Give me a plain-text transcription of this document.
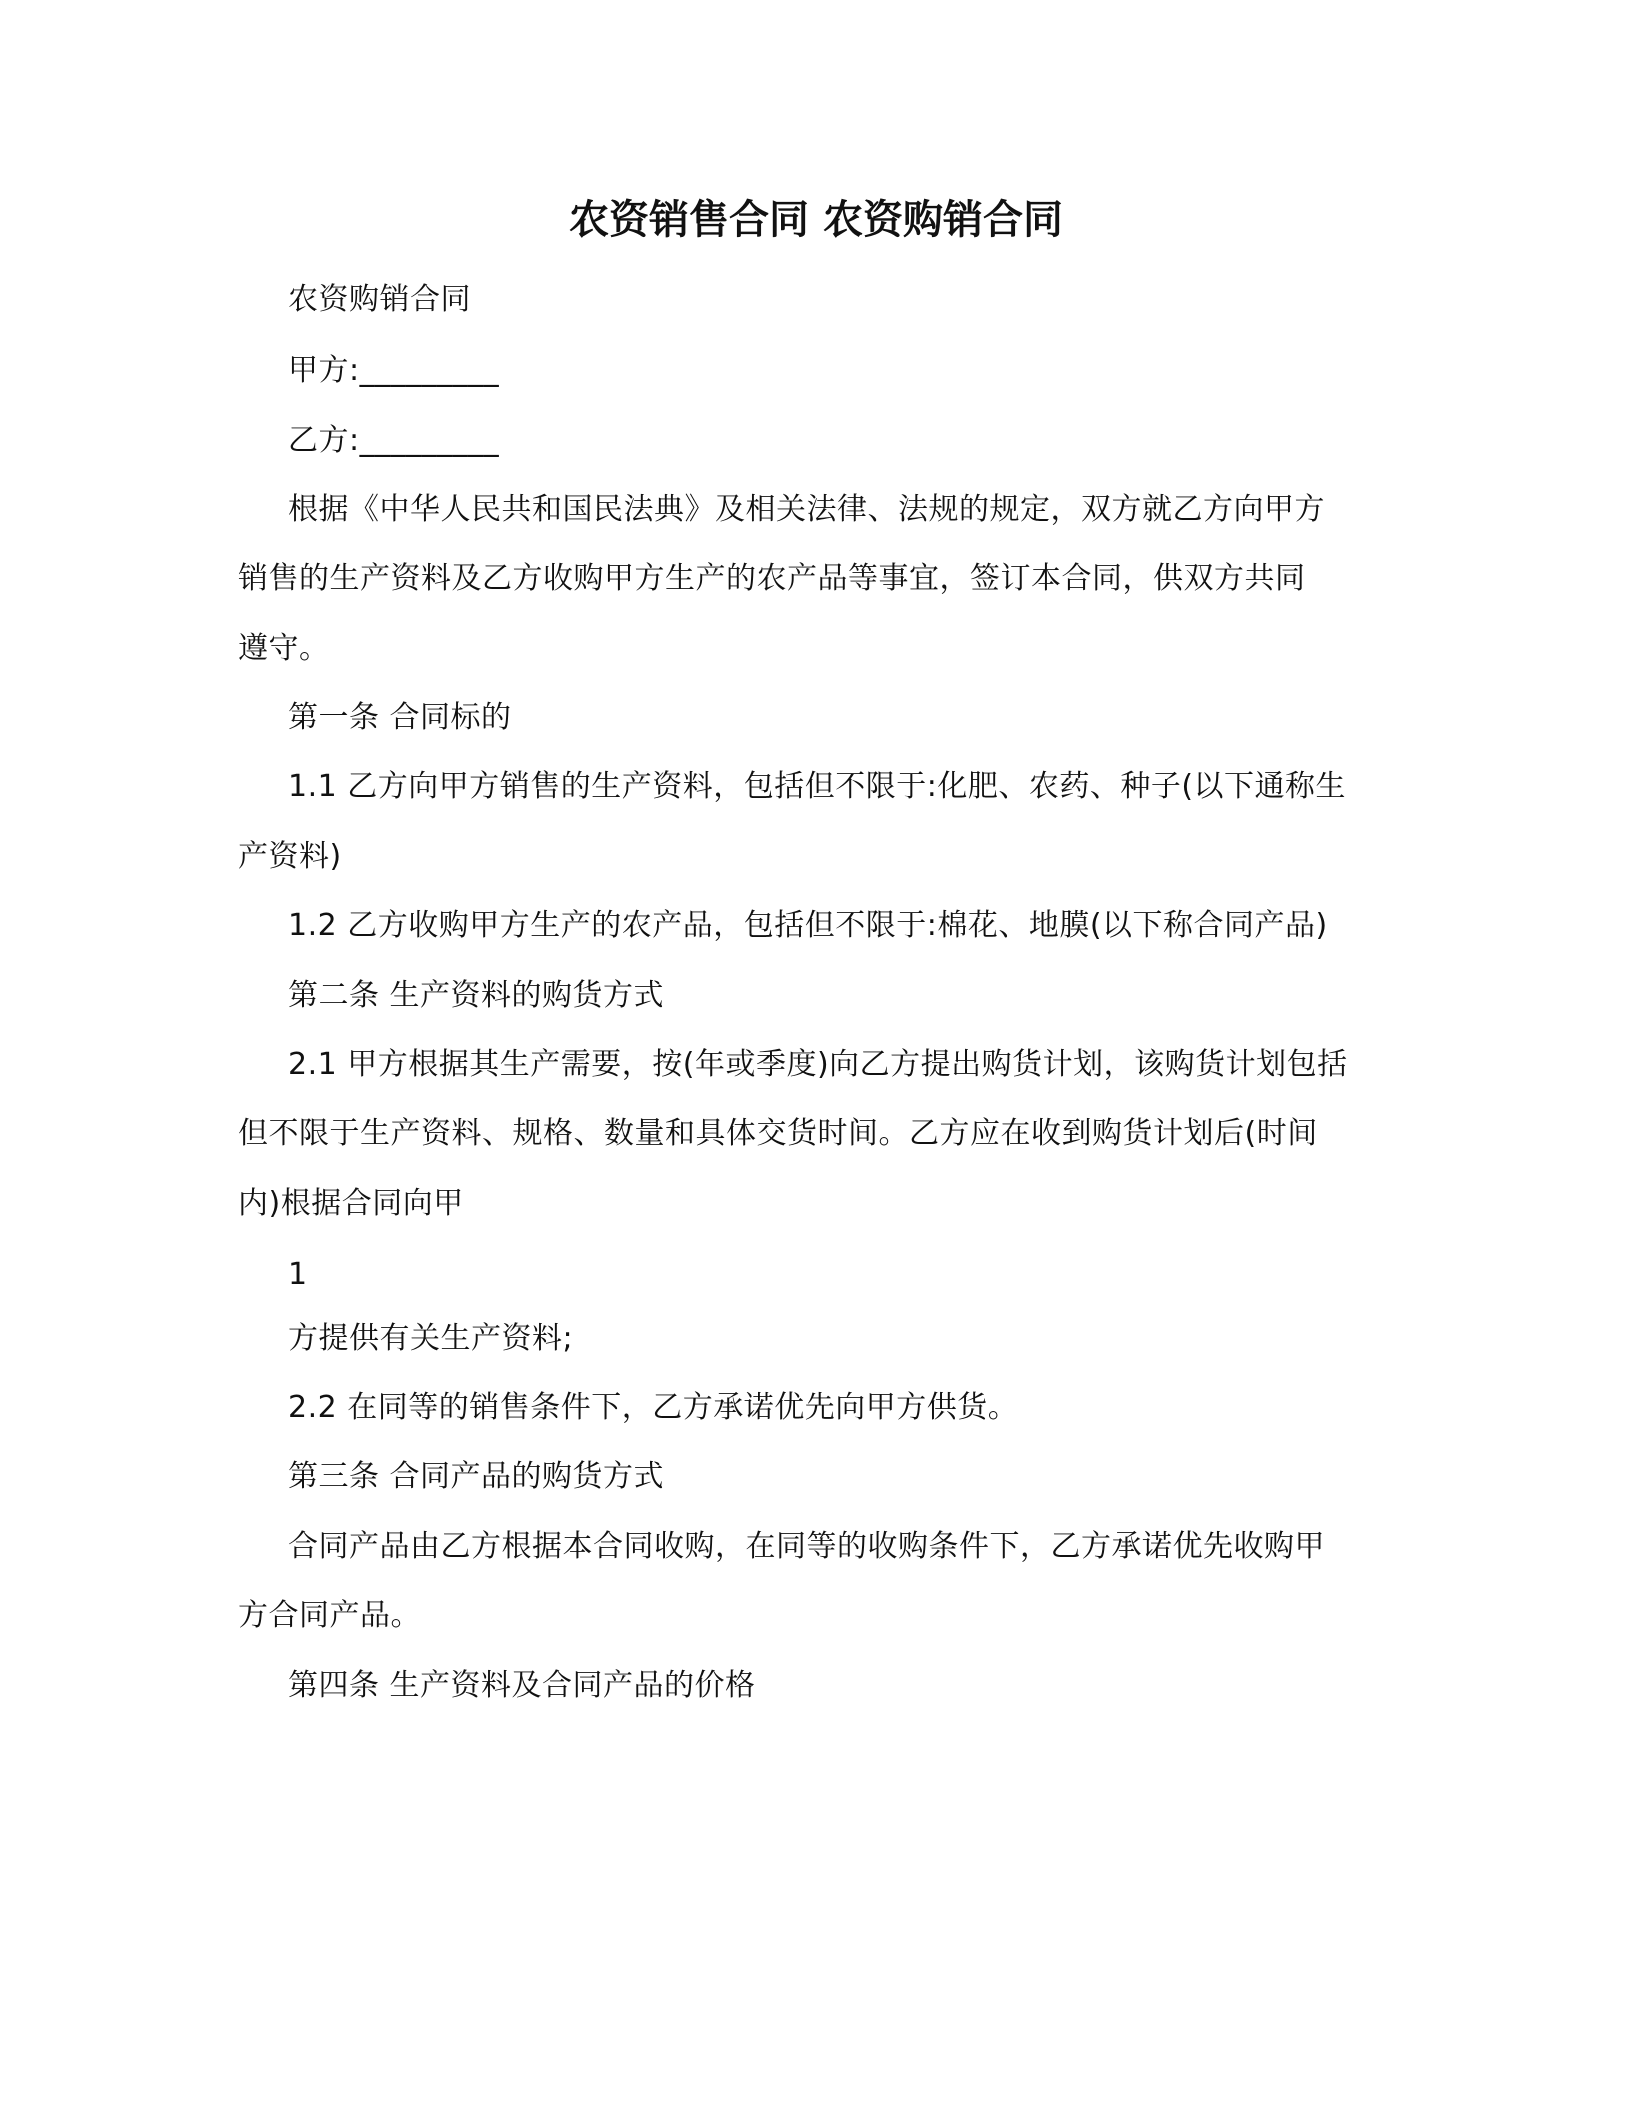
农资销售合同 农资购销合同
农资购销合同
甲方:_________
乙方:_________
根据《中华人民共和国民法典》及相关法律、法规的规定，双方就乙方向甲方
销售的生产资料及乙方收购甲方生产的农产品等事宜，签订本合同，供双方共同
遵守。
第一条 合同标的
1.1 乙方向甲方销售的生产资料，包括但不限于:化肥、农药、种子(以下通称生
产资料)
1.2 乙方收购甲方生产的农产品，包括但不限于:棉花、地膜(以下称合同产品)
第二条 生产资料的购货方式
2.1 甲方根据其生产需要，按(年或季度)向乙方提出购货计划，该购货计划包括
但不限于生产资料、规格、数量和具体交货时间。乙方应在收到购货计划后(时间
内)根据合同向甲
1
方提供有关生产资料;
2.2 在同等的销售条件下，乙方承诺优先向甲方供货。
第三条 合同产品的购货方式
合同产品由乙方根据本合同收购，在同等的收购条件下，乙方承诺优先收购甲
方合同产品。
第四条 生产资料及合同产品的价格
